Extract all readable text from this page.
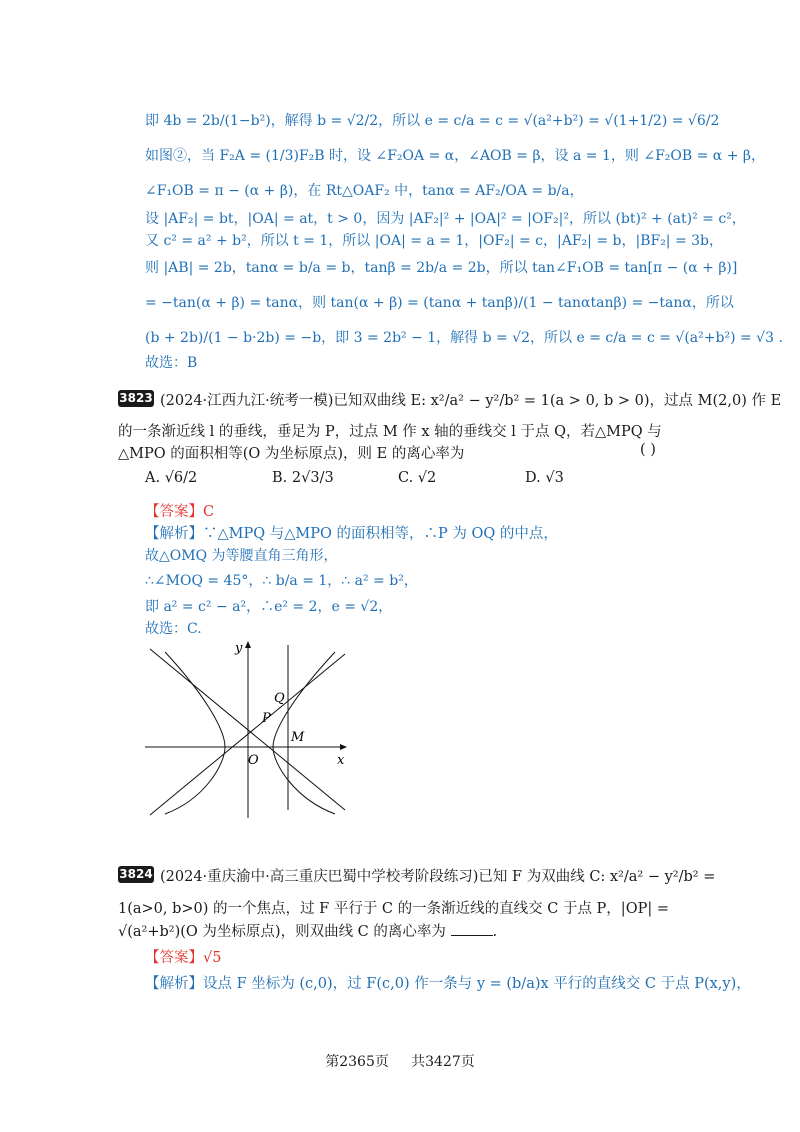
即 4b = 2b/(1−b²)，解得 b = √2/2，所以 e = c/a = c = √(a²+b²) = √(1+1/2) = √6/2
如图②，当 F₂A = (1/3)F₂B 时，设 ∠F₂OA = α，∠AOB = β，设 a = 1，则 ∠F₂OB = α + β，
∠F₁OB = π − (α + β)，在 Rt△OAF₂ 中，tanα = AF₂/OA = b/a，
设 |AF₂| = bt，|OA| = at，t > 0，因为 |AF₂|² + |OA|² = |OF₂|²，所以 (bt)² + (at)² = c²，
又 c² = a² + b²，所以 t = 1，所以 |OA| = a = 1，|OF₂| = c，|AF₂| = b，|BF₂| = 3b，
则 |AB| = 2b，tanα = b/a = b，tanβ = 2b/a = 2b，所以 tan∠F₁OB = tan[π − (α + β)]
= −tan(α + β) = tanα，则 tan(α + β) = (tanα + tanβ)/(1 − tanαtanβ) = −tanα，所以
(b + 2b)/(1 − b·2b) = −b，即 3 = 2b² − 1，解得 b = √2，所以 e = c/a = c = √(a²+b²) = √3 .
故选：B
3823 (2024·江西九江·统考一模)已知双曲线 E: x²/a² − y²/b² = 1(a > 0, b > 0)，过点 M(2,0) 作 E
的一条渐近线 l 的垂线，垂足为 P，过点 M 作 x 轴的垂线交 l 于点 Q，若△MPQ 与
△MPO 的面积相等(O 为坐标原点)，则 E 的离心率为	( )
A. √6/2	B. 2√3/3	C. √2	D. √3
【答案】C
【解析】∵△MPQ 与△MPO 的面积相等，∴P 为 OQ 的中点，
故△OMQ 为等腰直角三角形，
∴∠MOQ = 45°，∴ b/a = 1，∴ a² = b²，
即 a² = c² − a²，∴e² = 2，e = √2，
故选：C.
y
x
O
M
P
Q
3824 (2024·重庆渝中·高三重庆巴蜀中学校考阶段练习)已知 F 为双曲线 C: x²/a² − y²/b² =
1(a>0, b>0) 的一个焦点，过 F 平行于 C 的一条渐近线的直线交 C 于点 P，|OP| =
√(a²+b²)(O 为坐标原点)，则双曲线 C 的离心率为	.
【答案】√5
【解析】设点 F 坐标为 (c,0)，过 F(c,0) 作一条与 y = (b/a)x 平行的直线交 C 于点 P(x,y)，
第2365页 共3427页
